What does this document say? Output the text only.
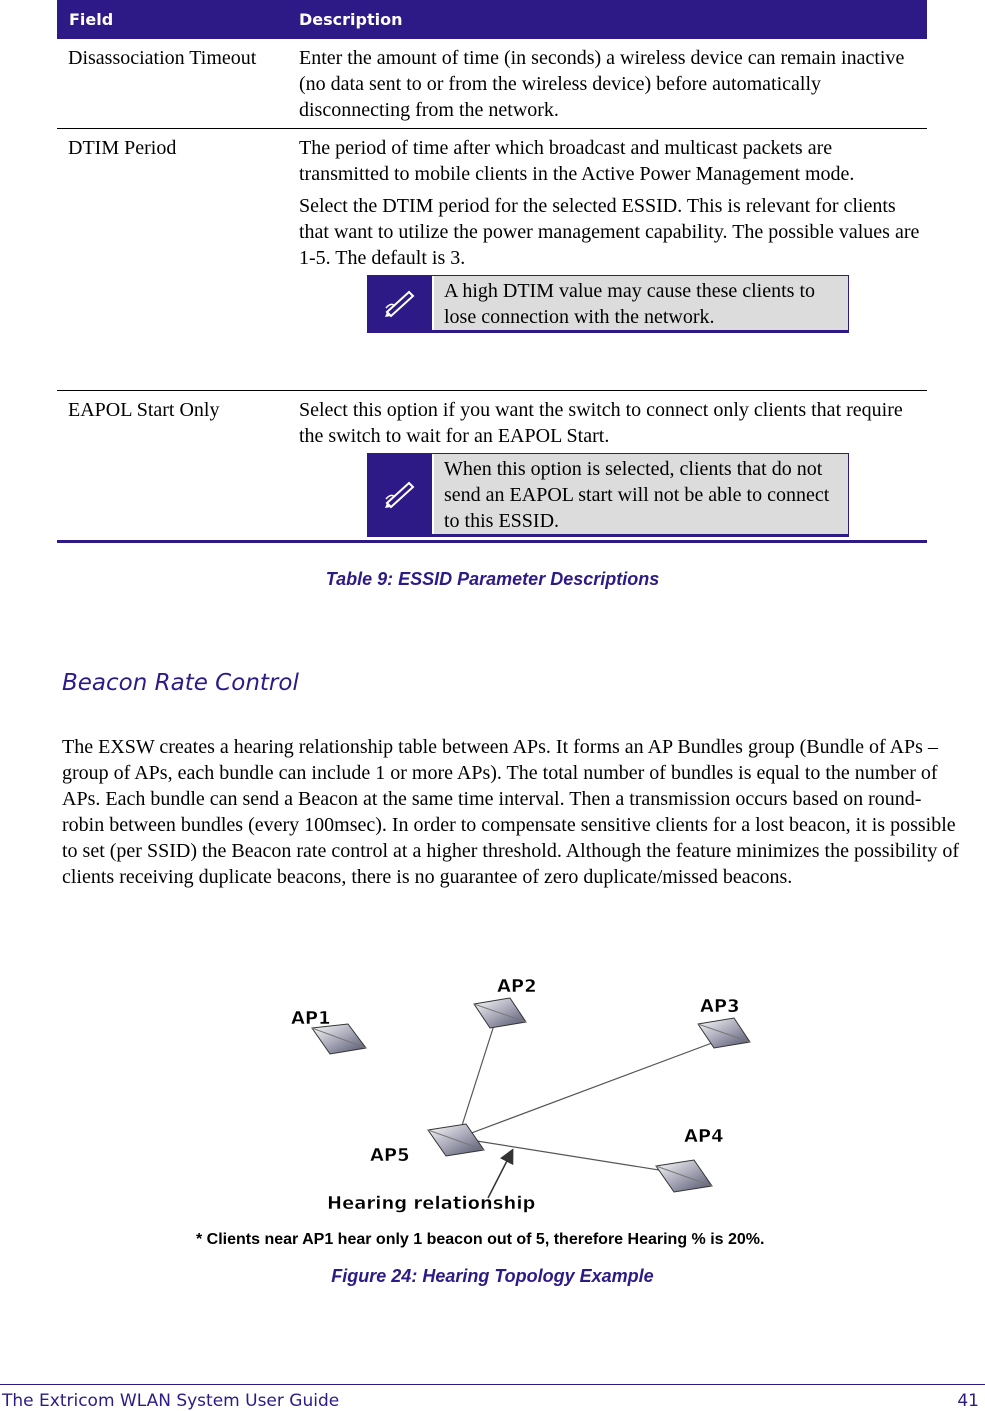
Field	Description
Disassociation Timeout	Enter the amount of time (in seconds) a wireless device can remain inactive (no data sent to or from the wireless device) before automatically disconnecting from the network.

DTIM Period	The period of time after which broadcast and multicast packets are transmitted to mobile clients in the Active Power Management mode.

Select the DTIM period for the selected ESSID. This is relevant for clients that want to utilize the power management capability. The possible values are 1-5. The default is 3.

A high DTIM value may cause these clients to lose connection with the network.
EAPOL Start Only	Select this option if you want the switch to connect only clients that require the switch to wait for an EAPOL Start.

When this option is selected, clients that do not send an EAPOL start will not be able to connect to this ESSID.
Table 9: ESSID Parameter Descriptions
Beacon Rate Control
The EXSW creates a hearing relationship table between APs. It forms an AP Bundles group (Bundle of APs – group of APs, each bundle can include 1 or more APs). The total number of bundles is equal to the number of APs. Each bundle can send a Beacon at the same time interval. Then a transmission occurs based on round-robin between bundles (every 100msec). In order to compensate sensitive clients for a lost beacon, it is possible to set (per SSID) the Beacon rate control at a higher threshold. Although the feature minimizes the possibility of clients receiving duplicate beacons, there is no guarantee of zero duplicate/missed beacons.
AP1
AP2
AP3
AP4
AP5
Hearing relationship
* Clients near AP1 hear only 1 beacon out of 5, therefore Hearing % is 20%.
Figure 24: Hearing Topology Example
The Extricom WLAN System User Guide	41
